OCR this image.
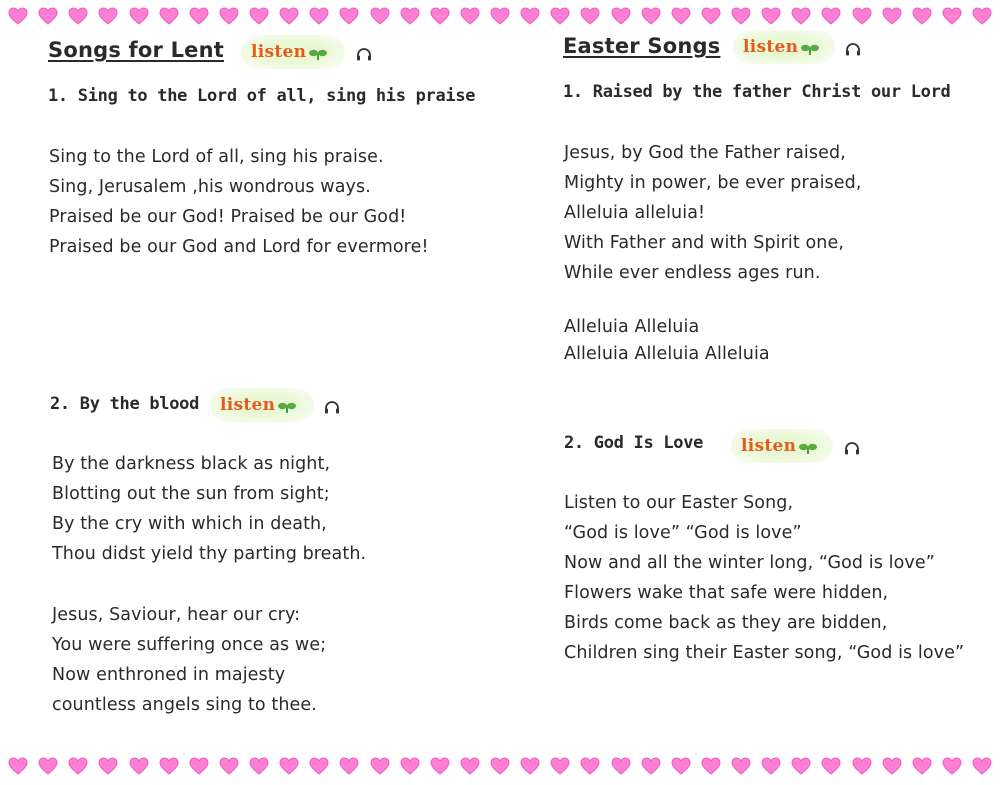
Songs for Lent listen
1. Sing to the Lord of all, sing his praise
Sing to the Lord of all, sing his praise.
Sing, Jerusalem ,his wondrous ways.
Praised be our God! Praised be our God!
Praised be our God and Lord for evermore!
2. By the blood listen
By the darkness black as night,
Blotting out the sun from sight;
By the cry with which in death,
Thou didst yield thy parting breath.
Jesus, Saviour, hear our cry:
You were suffering once as we;
Now enthroned in majesty
countless angels sing to thee.
Easter Songs listen
1. Raised by the father Christ our Lord
Jesus, by God the Father raised,
Mighty in power, be ever praised,
Alleluia alleluia!
With Father and with Spirit one,
While ever endless ages run.
Alleluia Alleluia
Alleluia Alleluia Alleluia
2. God Is Love listen
Listen to our Easter Song,
“God is love” “God is love”
Now and all the winter long, “God is love”
Flowers wake that safe were hidden,
Birds come back as they are bidden,
Children sing their Easter song, “God is love”
